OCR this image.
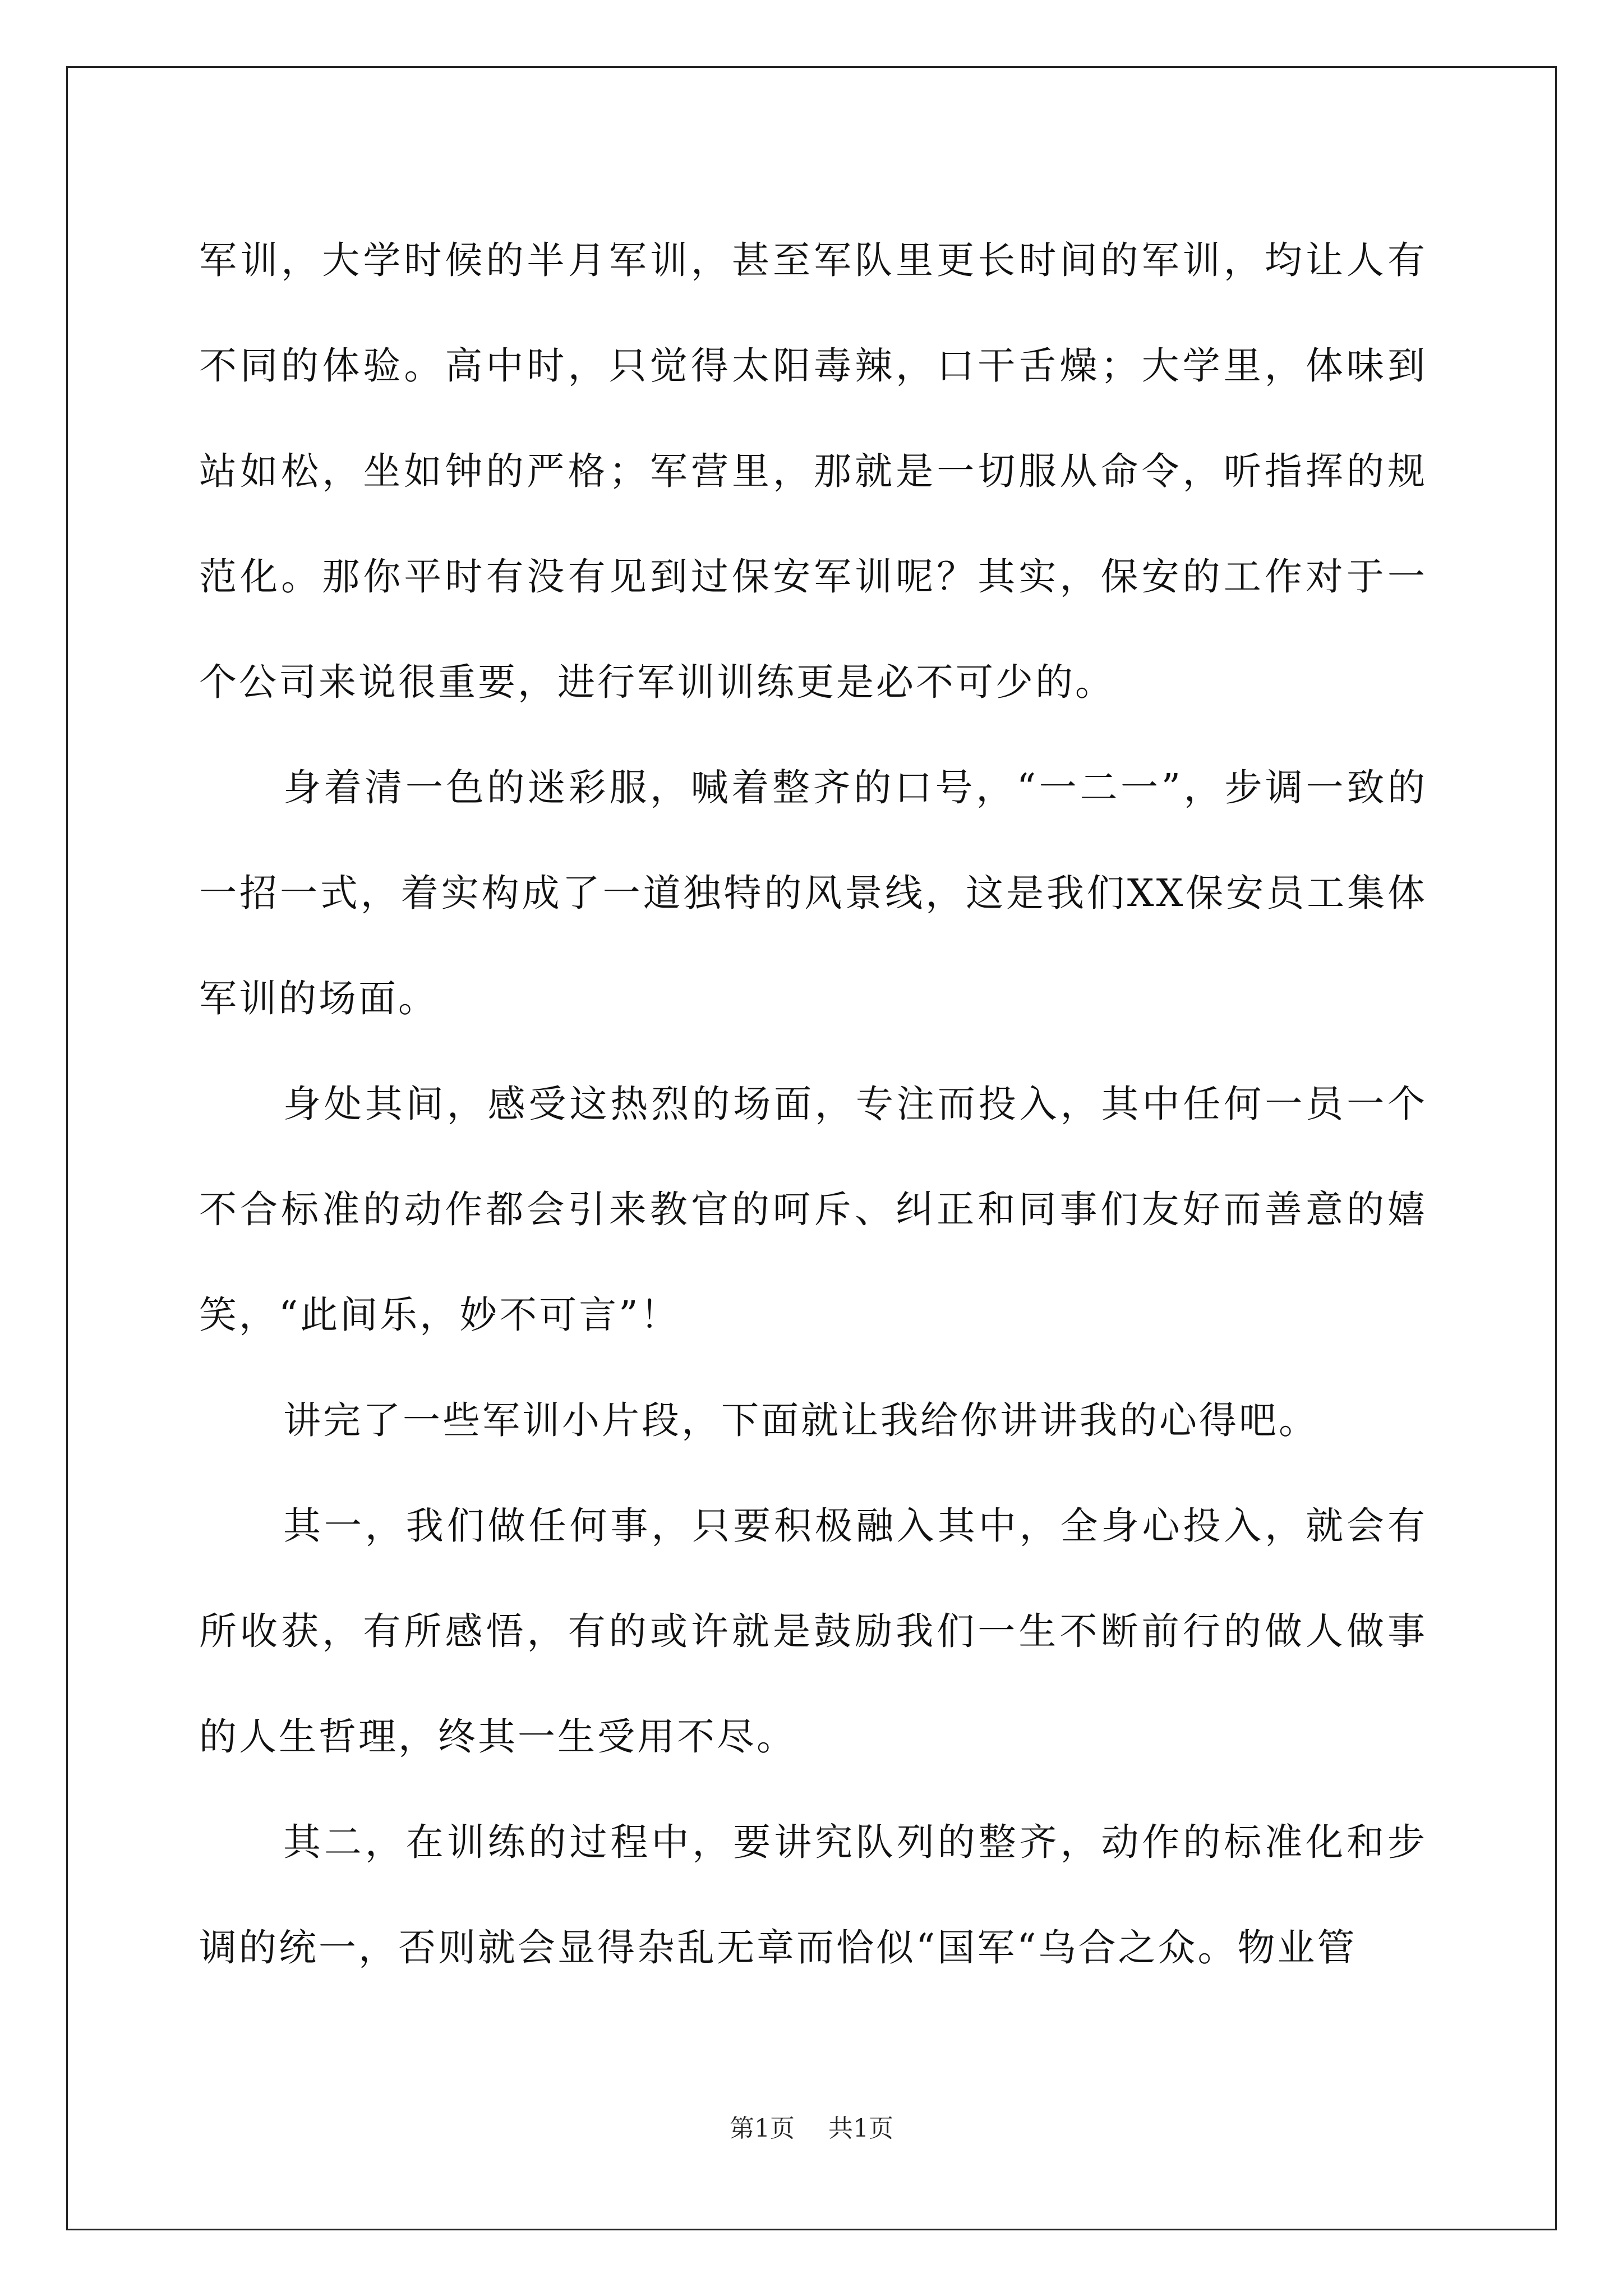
军训，大学时候的半月军训，甚至军队里更长时间的军训，均让人有不同的体验。高中时，只觉得太阳毒辣，口干舌燥；大学里，体味到站如松，坐如钟的严格；军营里，那就是一切服从命令，听指挥的规范化。那你平时有没有见到过保安军训呢？其实，保安的工作对于一个公司来说很重要，进行军训训练更是必不可少的。

身着清一色的迷彩服，喊着整齐的口号，“一二一”，步调一致的一招一式，着实构成了一道独特的风景线，这是我们XX保安员工集体军训的场面。

身处其间，感受这热烈的场面，专注而投入，其中任何一员一个不合标准的动作都会引来教官的呵斥、纠正和同事们友好而善意的嬉笑，“此间乐，妙不可言”！

讲完了一些军训小片段，下面就让我给你讲讲我的心得吧。

其一，我们做任何事，只要积极融入其中，全身心投入，就会有所收获，有所感悟，有的或许就是鼓励我们一生不断前行的做人做事的人生哲理，终其一生受用不尽。

其二，在训练的过程中，要讲究队列的整齐，动作的标准化和步调的统一，否则就会显得杂乱无章而恰似“国军“乌合之众。物业管

第1页 共1页
